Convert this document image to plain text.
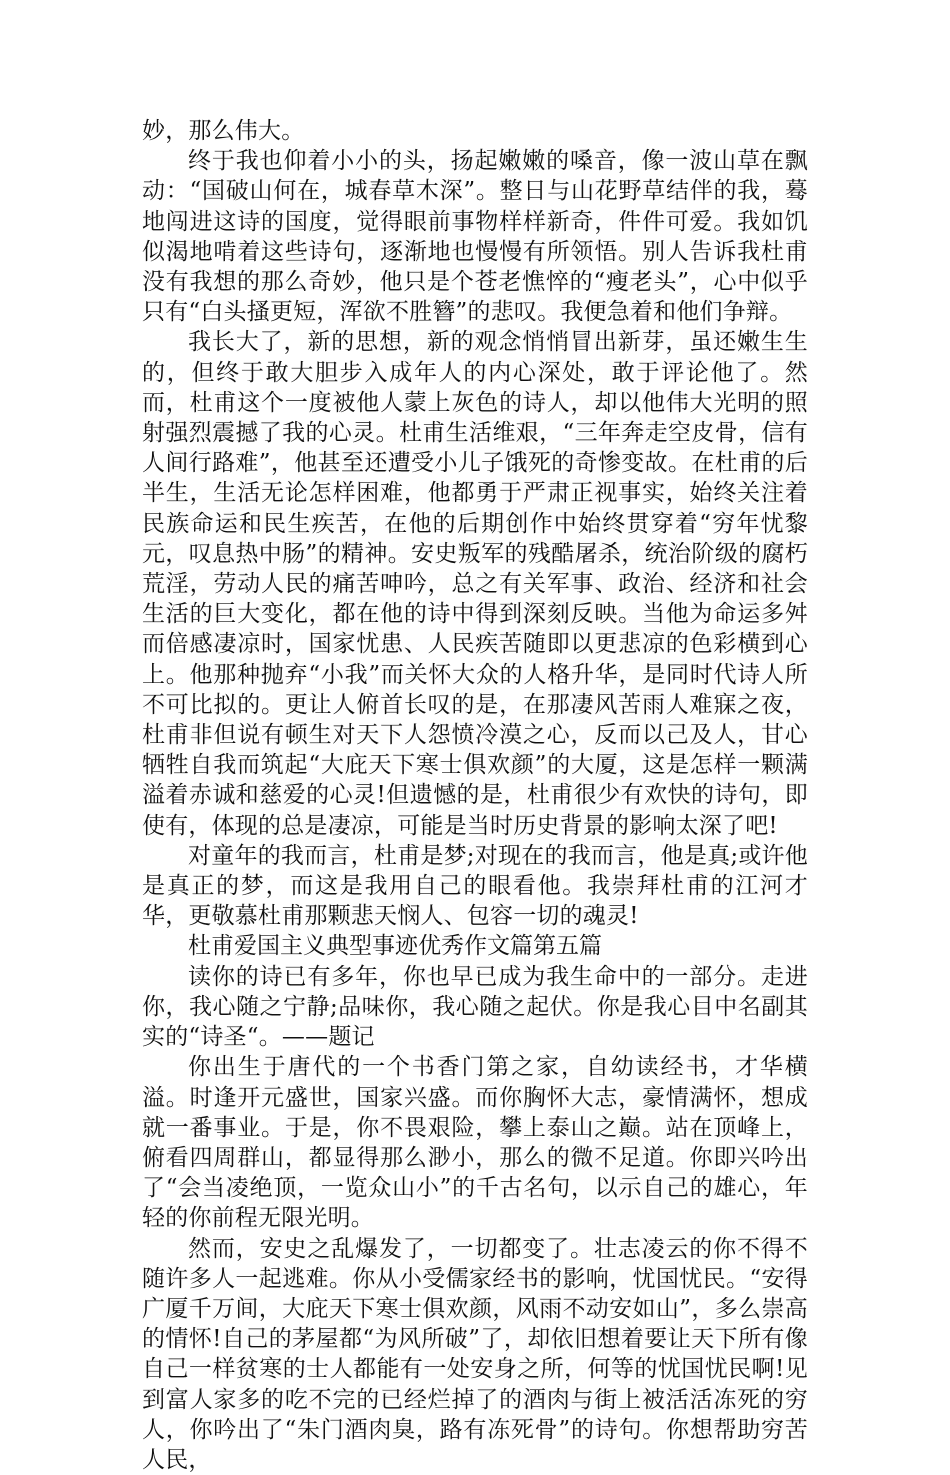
妙，那么伟大。

终于我也仰着小小的头，扬起嫩嫩的嗓音，像一波山草在飘动：“国破山何在，城春草木深”。整日与山花野草结伴的我，蓦地闯进这诗的国度，觉得眼前事物样样新奇，件件可爱。我如饥似渴地啃着这些诗句，逐渐地也慢慢有所领悟。别人告诉我杜甫没有我想的那么奇妙，他只是个苍老憔悴的“瘦老头”，心中似乎只有“白头搔更短，浑欲不胜簪”的悲叹。我便急着和他们争辩。

我长大了，新的思想，新的观念悄悄冒出新芽，虽还嫩生生的，但终于敢大胆步入成年人的内心深处，敢于评论他了。然而，杜甫这个一度被他人蒙上灰色的诗人，却以他伟大光明的照射强烈震撼了我的心灵。杜甫生活维艰，“三年奔走空皮骨，信有人间行路难”，他甚至还遭受小儿子饿死的奇惨变故。在杜甫的后半生，生活无论怎样困难，他都勇于严肃正视事实，始终关注着民族命运和民生疾苦，在他的后期创作中始终贯穿着“穷年忧黎元，叹息热中肠”的精神。安史叛军的残酷屠杀，统治阶级的腐朽荒淫，劳动人民的痛苦呻吟，总之有关军事、政治、经济和社会生活的巨大变化，都在他的诗中得到深刻反映。当他为命运多舛而倍感凄凉时，国家忧患、人民疾苦随即以更悲凉的色彩横到心上。他那种抛弃“小我”而关怀大众的人格升华，是同时代诗人所不可比拟的。更让人俯首长叹的是，在那凄风苦雨人难寐之夜，杜甫非但说有顿生对天下人怨愤冷漠之心，反而以己及人，甘心牺牲自我而筑起“大庇天下寒士俱欢颜”的大厦，这是怎样一颗满溢着赤诚和慈爱的心灵!但遗憾的是，杜甫很少有欢快的诗句，即使有，体现的总是凄凉，可能是当时历史背景的影响太深了吧!

对童年的我而言，杜甫是梦;对现在的我而言，他是真;或许他是真正的梦，而这是我用自己的眼看他。我崇拜杜甫的江河才华，更敬慕杜甫那颗悲天悯人、包容一切的魂灵!

杜甫爱国主义典型事迹优秀作文篇第五篇

读你的诗已有多年，你也早已成为我生命中的一部分。走进你，我心随之宁静;品味你，我心随之起伏。你是我心目中名副其实的“诗圣“。——题记

你出生于唐代的一个书香门第之家，自幼读经书，才华横溢。时逢开元盛世，国家兴盛。而你胸怀大志，豪情满怀，想成就一番事业。于是，你不畏艰险，攀上泰山之巅。站在顶峰上，俯看四周群山，都显得那么渺小，那么的微不足道。你即兴吟出了“会当凌绝顶，一览众山小”的千古名句，以示自己的雄心，年轻的你前程无限光明。

然而，安史之乱爆发了，一切都变了。壮志凌云的你不得不随许多人一起逃难。你从小受儒家经书的影响，忧国忧民。“安得广厦千万间，大庇天下寒士俱欢颜，风雨不动安如山”，多么崇高的情怀!自己的茅屋都“为风所破”了，却依旧想着要让天下所有像自己一样贫寒的士人都能有一处安身之所，何等的忧国忧民啊!见到富人家多的吃不完的已经烂掉了的酒肉与街上被活活冻死的穷人，你吟出了“朱门酒肉臭，路有冻死骨”的诗句。你想帮助穷苦人民，
